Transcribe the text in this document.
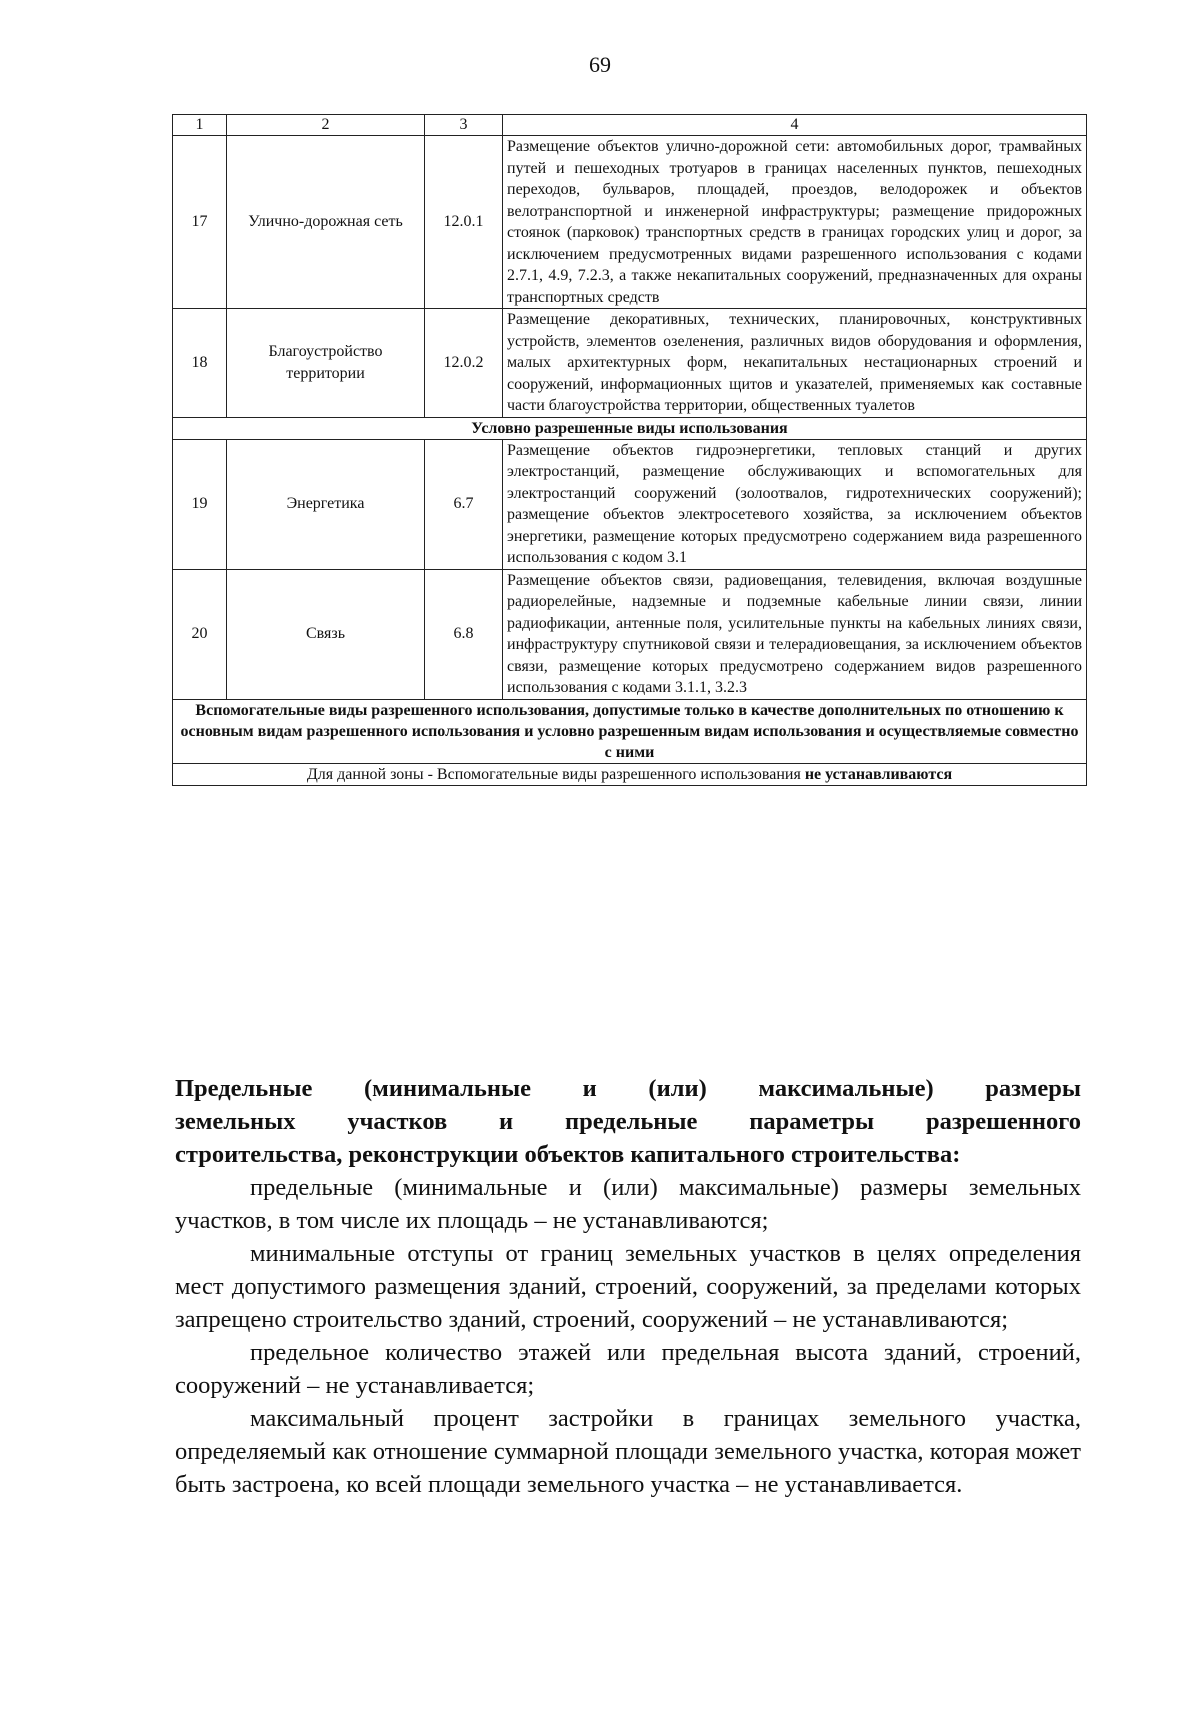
69
1	2	3	4
17	Улично-дорожная сеть	12.0.1	Размещение объектов улично-дорожной сети: автомобильных дорог, трамвайных путей и пешеходных тротуаров в границах населенных пунктов, пешеходных переходов, бульваров, площадей, проездов, велодорожек и объектов велотранспортной и инженерной инфраструктуры; размещение придорожных стоянок (парковок) транспортных средств в границах городских улиц и дорог, за исключением предусмотренных видами разрешенного использования с кодами 2.7.1, 4.9, 7.2.3, а также некапитальных сооружений, предназначенных для охраны транспортных средств
18	Благоустройство территории	12.0.2	Размещение декоративных, технических, планировочных, конструктивных устройств, элементов озеленения, различных видов оборудования и оформления, малых архитектурных форм, некапитальных нестационарных строений и сооружений, информационных щитов и указателей, применяемых как составные части благоустройства территории, общественных туалетов
Условно разрешенные виды использования			
19	Энергетика	6.7	Размещение объектов гидроэнергетики, тепловых станций и других электростанций, размещение обслуживающих и вспомогательных для электростанций сооружений (золоотвалов, гидротехнических сооружений); размещение объектов электросетевого хозяйства, за исключением объектов энергетики, размещение которых предусмотрено содержанием вида разрешенного использования с кодом 3.1
20	Связь	6.8	Размещение объектов связи, радиовещания, телевидения, включая воздушные радиорелейные, надземные и подземные кабельные линии связи, линии радиофикации, антенные поля, усилительные пункты на кабельных линиях связи, инфраструктуру спутниковой связи и телерадиовещания, за исключением объектов связи, размещение которых предусмотрено содержанием видов разрешенного использования с кодами 3.1.1, 3.2.3
Вспомогательные виды разрешенного использования, допустимые только в качестве дополнительных по отношению к основным видам разрешенного использования и условно разрешенным видам использования и осуществляемые совместно с ними			
Для данной зоны - Вспомогательные виды разрешенного использования не устанавливаются			
Предельные (минимальные и (или) максимальные) размеры
земельных участков и предельные параметры разрешенного
строительства, реконструкции объектов капитального строительства:

предельные (минимальные и (или) максимальные) размеры земельных участков, в том числе их площадь – не устанавливаются;

минимальные отступы от границ земельных участков в целях определения мест допустимого размещения зданий, строений, сооружений, за пределами которых запрещено строительство зданий, строений, сооружений – не устанавливаются;

предельное количество этажей или предельная высота зданий, строений, сооружений – не устанавливается;

максимальный процент застройки в границах земельного участка, определяемый как отношение суммарной площади земельного участка, которая может быть застроена, ко всей площади земельного участка – не устанавливается.
